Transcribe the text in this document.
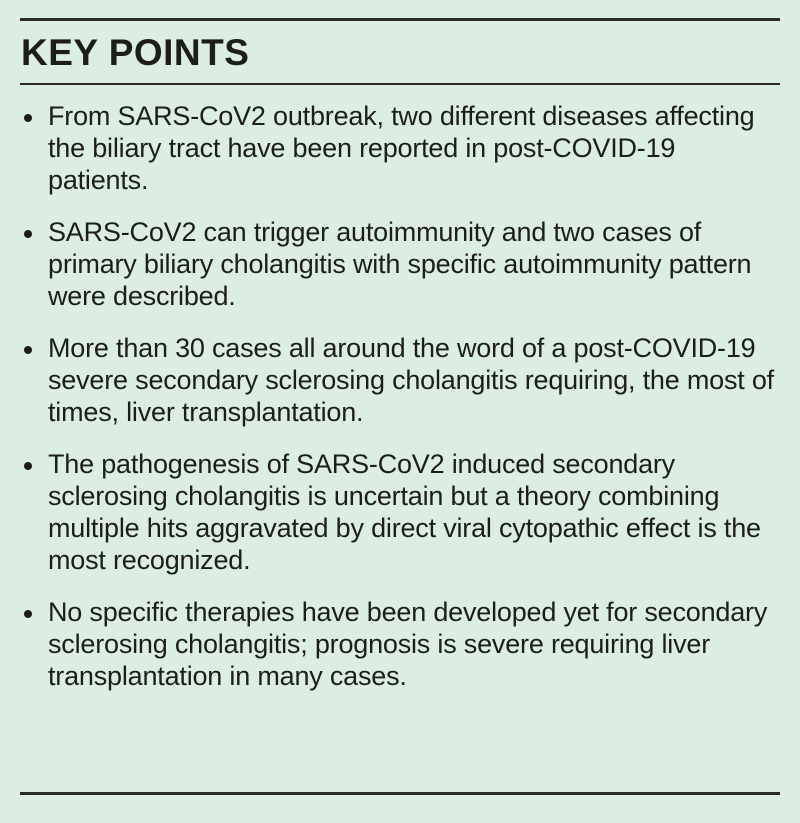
KEY POINTS
From SARS-CoV2 outbreak, two different diseases affecting the biliary tract have been reported in post-COVID-19 patients.
SARS-CoV2 can trigger autoimmunity and two cases of primary biliary cholangitis with specific autoimmunity pattern were described.
More than 30 cases all around the word of a post-COVID-19 severe secondary sclerosing cholangitis requiring, the most of times, liver transplantation.
The pathogenesis of SARS-CoV2 induced secondary sclerosing cholangitis is uncertain but a theory combining multiple hits aggravated by direct viral cytopathic effect is the most recognized.
No specific therapies have been developed yet for secondary sclerosing cholangitis; prognosis is severe requiring liver transplantation in many cases.
